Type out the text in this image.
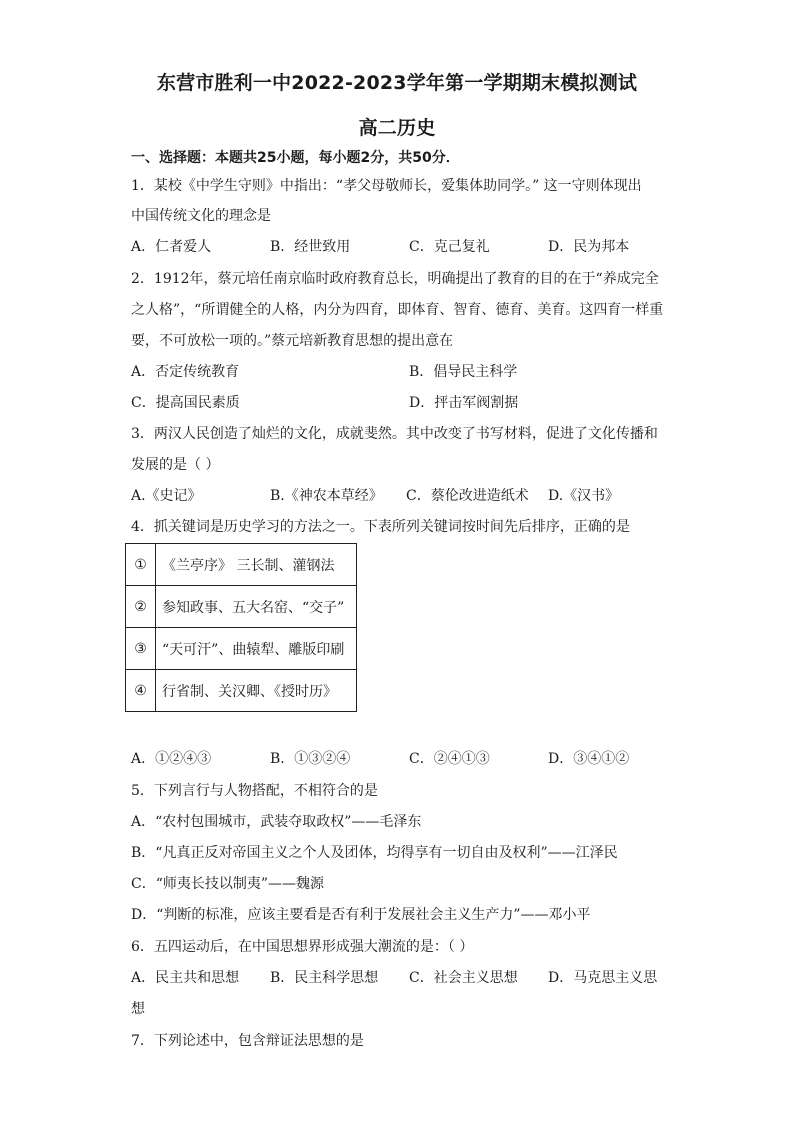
东营市胜利一中2022-2023学年第一学期期末模拟测试
高二历史
一、选择题：本题共25小题，每小题2分，共50分．
1．某校《中学生守则》中指出：“孝父母敬师长，爱集体助同学。” 这一守则体现出
中国传统文化的理念是
A．仁者爱人	B．经世致用	C．克己复礼	D．民为邦本
2．1912年，蔡元培任南京临时政府教育总长，明确提出了教育的目的在于“养成完全
之人格”，“所谓健全的人格，内分为四育，即体育、智育、德育、美育。这四育一样重
要，不可放松一项的。”蔡元培新教育思想的提出意在
A．否定传统教育	B．倡导民主科学
C．提高国民素质	D．抨击军阀割据
3．两汉人民创造了灿烂的文化，成就斐然。其中改变了书写材料，促进了文化传播和
发展的是（ ）
A.《史记》	B.《神农本草经》 C．蔡伦改进造纸术 D.《汉书》
4．抓关键词是历史学习的方法之一。下表所列关键词按时间先后排序，正确的是
①	《兰亭序》 三长制、灌钢法
②	参知政事、五大名窑、“交子”
③	“天可汗”、曲辕犁、雕版印刷
④	行省制、关汉卿、《授时历》
A．①②④③	B．①③②④	C．②④①③	D．③④①②
5．下列言行与人物搭配，不相符合的是
A．“农村包围城市，武装夺取政权”——毛泽东
B．“凡真正反对帝国主义之个人及团体，均得享有一切自由及权利”——江泽民
C．“师夷长技以制夷”——魏源
D．“判断的标准，应该主要看是否有利于发展社会主义生产力”——邓小平
6．五四运动后，在中国思想界形成强大潮流的是：（ ）
A．民主共和思想 B．民主科学思想 C．社会主义思想 D．马克思主义思
想
7．下列论述中，包含辩证法思想的是
